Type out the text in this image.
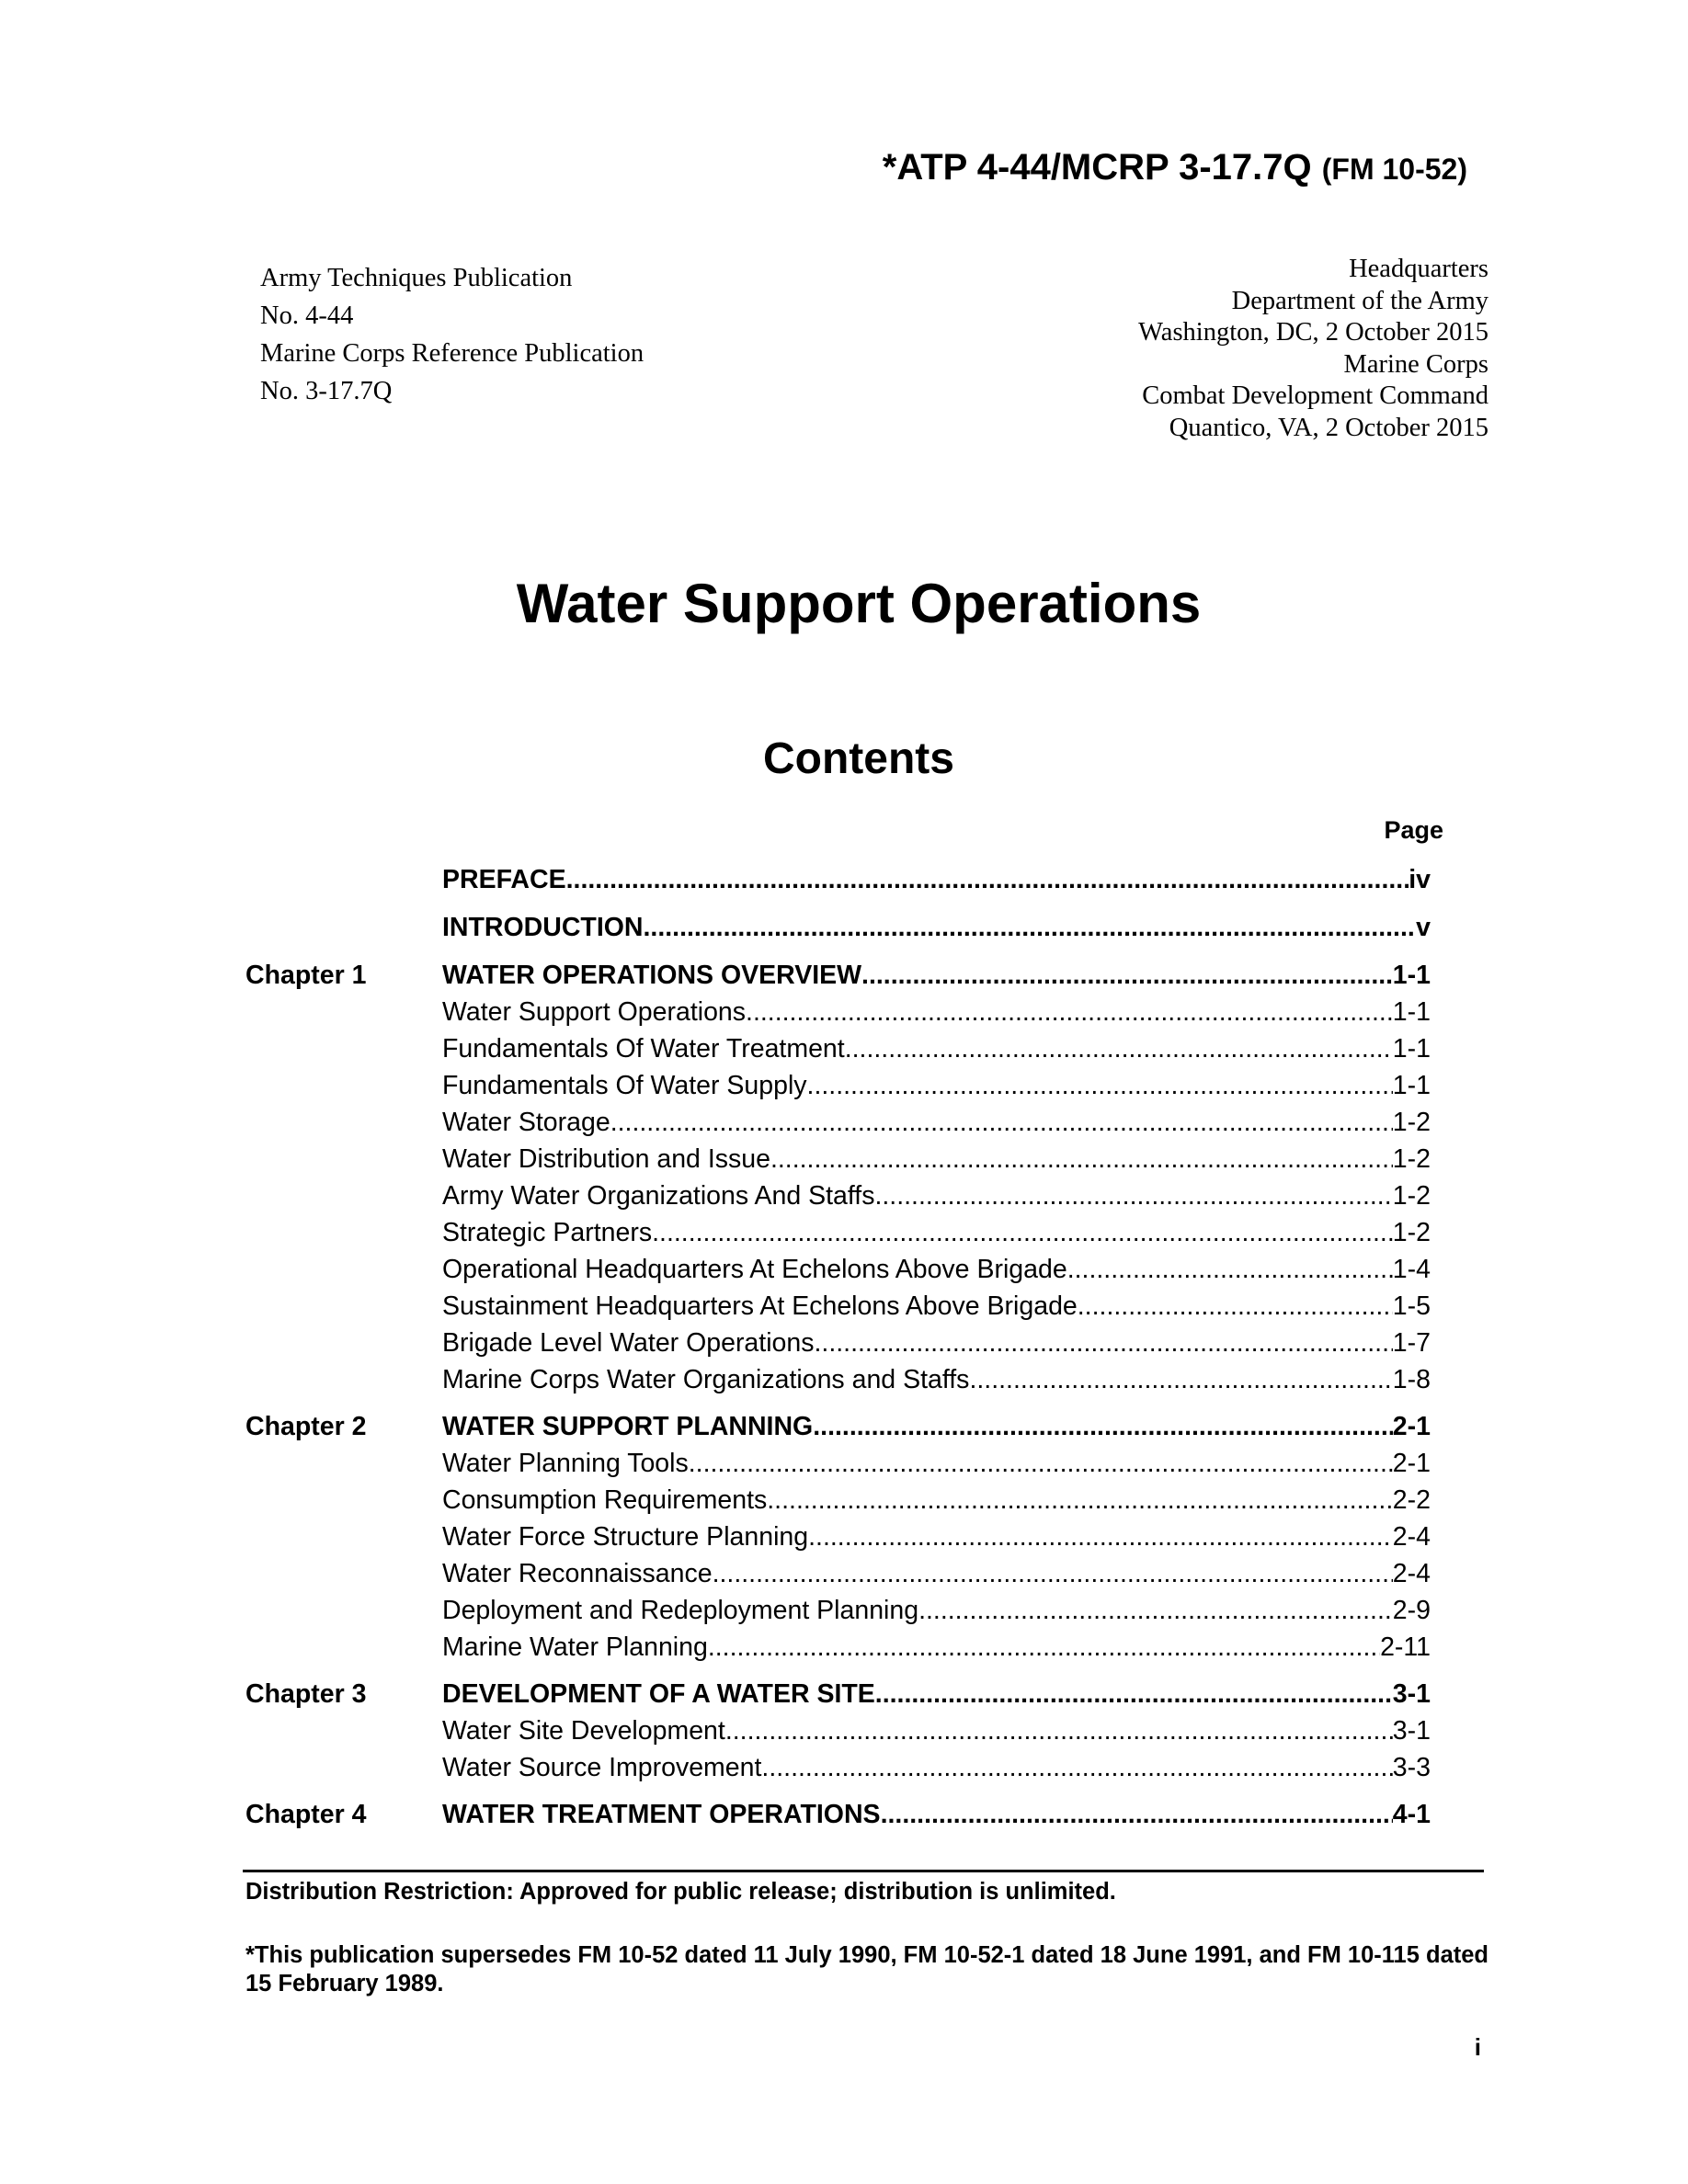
*ATP 4-44/MCRP 3-17.7Q (FM 10-52)
Army Techniques Publication
No. 4-44
Marine Corps Reference Publication
No. 3-17.7Q
Headquarters
Department of the Army
Washington, DC, 2 October 2015
Marine Corps
Combat Development Command
Quantico, VA, 2 October 2015
Water Support Operations
Contents
Page
PREFACE .....	iv
INTRODUCTION .....	v
Chapter 1	WATER OPERATIONS OVERVIEW .....	1-1
Water Support Operations .....	1-1
Fundamentals Of Water Treatment .....	1-1
Fundamentals Of Water Supply .....	1-1
Water Storage .....	1-2
Water Distribution and Issue .....	1-2
Army Water Organizations And Staffs .....	1-2
Strategic Partners .....	1-2
Operational Headquarters At Echelons Above Brigade .....	1-4
Sustainment Headquarters At Echelons Above Brigade .....	1-5
Brigade Level Water Operations .....	1-7
Marine Corps Water Organizations and Staffs .....	1-8
Chapter 2	WATER SUPPORT PLANNING .....	2-1
Water Planning Tools .....	2-1
Consumption Requirements .....	2-2
Water Force Structure Planning .....	2-4
Water Reconnaissance .....	2-4
Deployment and Redeployment Planning .....	2-9
Marine Water Planning .....	2-11
Chapter 3	DEVELOPMENT OF A WATER SITE .....	3-1
Water Site Development .....	3-1
Water Source Improvement .....	3-3
Chapter 4	WATER TREATMENT OPERATIONS .....	4-1
Distribution Restriction: Approved for public release; distribution is unlimited.
*This publication supersedes FM 10-52 dated 11 July 1990, FM 10-52-1 dated 18 June 1991, and FM 10-115 dated 15 February 1989.
i
